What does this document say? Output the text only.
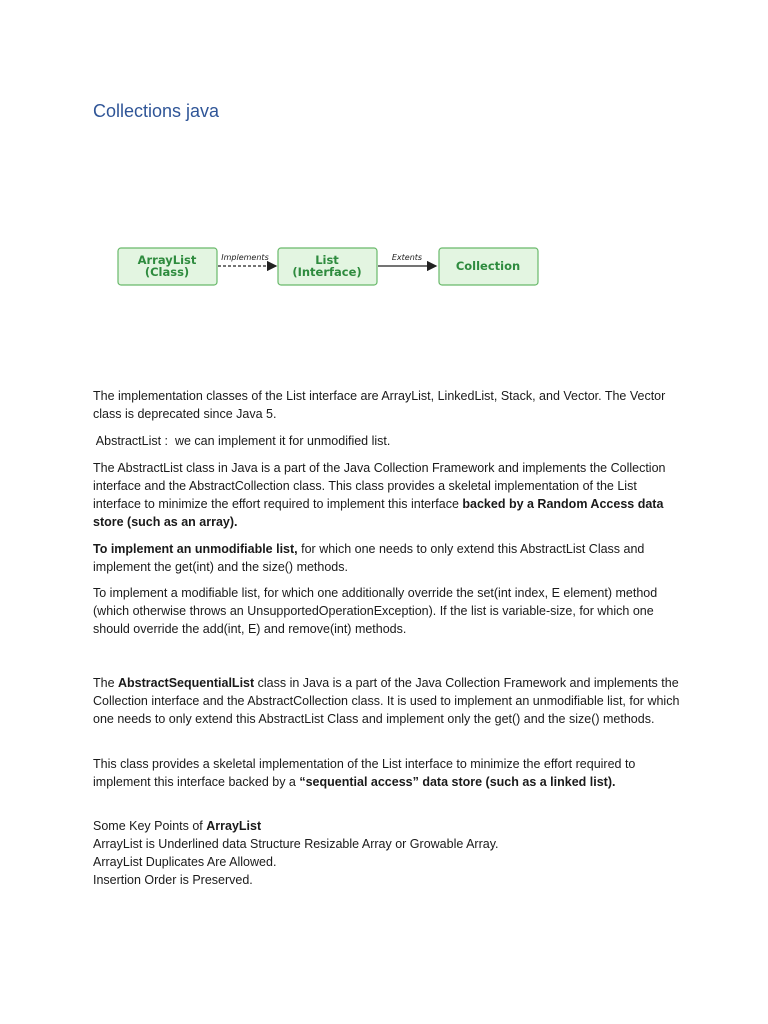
Collections java
ArrayList
(Class)
Implements	List
(Interface)
Extents
Collection

The implementation classes of the List interface are ArrayList, LinkedList, Stack, and Vector. The Vector class is deprecated since Java 5.

AbstractList :  we can implement it for unmodified list.

The AbstractList class in Java is a part of the Java Collection Framework and implements the Collection interface and the AbstractCollection class. This class provides a skeletal implementation of the List interface to minimize the effort required to implement this interface backed by a Random Access data store (such as an array).

To implement an unmodifiable list, for which one needs to only extend this AbstractList Class and implement the get(int) and the size() methods.

To implement a modifiable list, for which one additionally override the set(int index, E element) method (which otherwise throws an UnsupportedOperationException). If the list is variable-size, for which one should override the add(int, E) and remove(int) methods.

The AbstractSequentialList class in Java is a part of the Java Collection Framework and implements the Collection interface and the AbstractCollection class. It is used to implement an unmodifiable list, for which one needs to only extend this AbstractList Class and implement only the get() and the size() methods.

This class provides a skeletal implementation of the List interface to minimize the effort required to implement this interface backed by a “sequential access” data store (such as a linked list).

Some Key Points of ArrayList

ArrayList is Underlined data Structure Resizable Array or Growable Array.

ArrayList Duplicates Are Allowed.

Insertion Order is Preserved.
